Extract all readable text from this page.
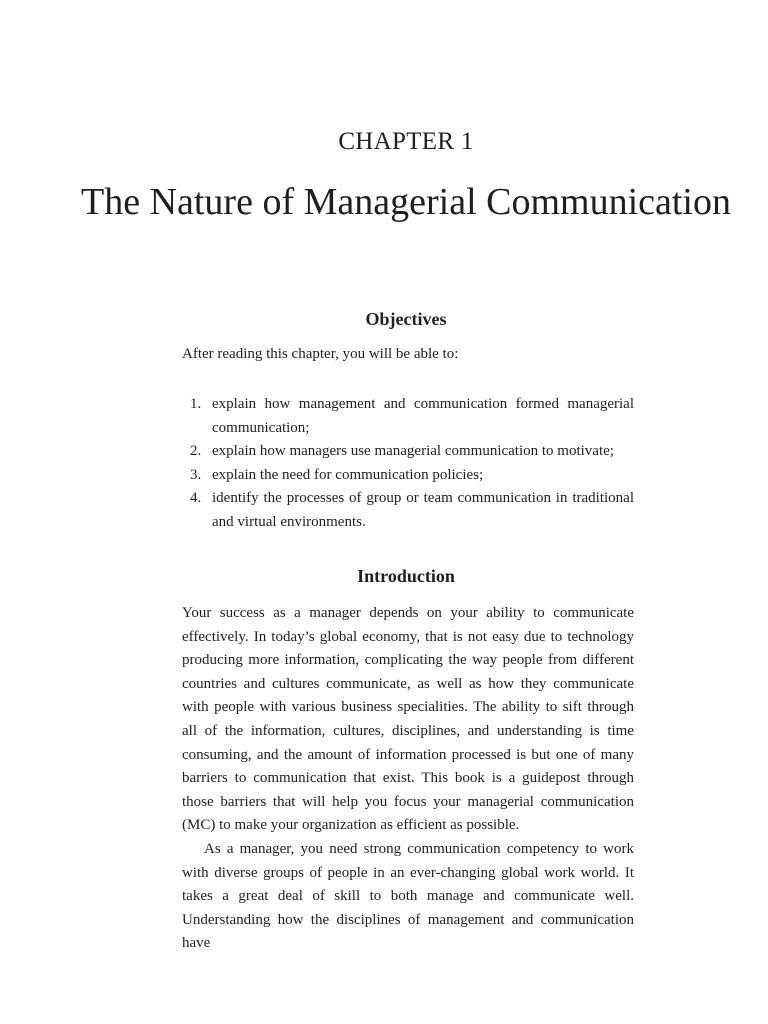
CHAPTER 1
The Nature of Managerial Communication
Objectives
After reading this chapter, you will be able to:
1. explain how management and communication formed managerial communication;
2. explain how managers use managerial communication to motivate;
3. explain the need for communication policies;
4. identify the processes of group or team communication in traditional and virtual environments.
Introduction

Your success as a manager depends on your ability to communicate effectively. In today’s global economy, that is not easy due to technology producing more information, complicating the way people from different countries and cultures communicate, as well as how they communicate with people with various business specialities. The ability to sift through all of the information, cultures, disciplines, and understanding is time consuming, and the amount of information processed is but one of many barriers to communication that exist. This book is a guidepost through those barriers that will help you focus your managerial communication (MC) to make your organization as efficient as possible.

As a manager, you need strong communication competency to work with diverse groups of people in an ever-changing global work world. It takes a great deal of skill to both manage and communicate well. Understanding how the disciplines of management and communication have
